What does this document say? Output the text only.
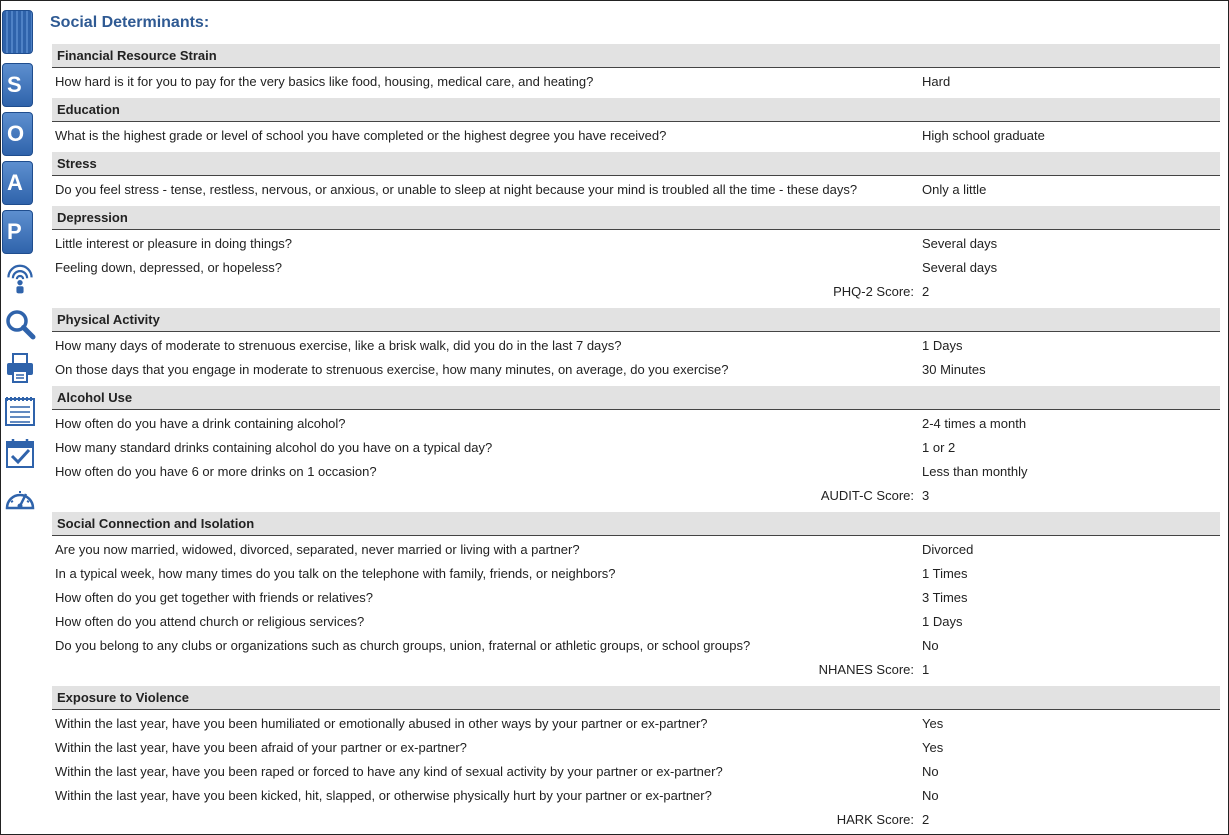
S
O
A
P
Social Determinants:
Financial Resource Strain
How hard is it for you to pay for the very basics like food, housing, medical care, and heating?	Hard
Education
What is the highest grade or level of school you have completed or the highest degree you have received?	High school graduate
Stress
Do you feel stress - tense, restless, nervous, or anxious, or unable to sleep at night because your mind is troubled all the time - these days?	Only a little
Depression
Little interest or pleasure in doing things?	Several days
Feeling down, depressed, or hopeless?	Several days
PHQ-2 Score: 2
Physical Activity
How many days of moderate to strenuous exercise, like a brisk walk, did you do in the last 7 days?	1 Days
On those days that you engage in moderate to strenuous exercise, how many minutes, on average, do you exercise?	30 Minutes
Alcohol Use
How often do you have a drink containing alcohol?	2-4 times a month
How many standard drinks containing alcohol do you have on a typical day?	1 or 2
How often do you have 6 or more drinks on 1 occasion?	Less than monthly
AUDIT-C Score: 3
Social Connection and Isolation
Are you now married, widowed, divorced, separated, never married or living with a partner?	Divorced
In a typical week, how many times do you talk on the telephone with family, friends, or neighbors?	1 Times
How often do you get together with friends or relatives?	3 Times
How often do you attend church or religious services?	1 Days
Do you belong to any clubs or organizations such as church groups, union, fraternal or athletic groups, or school groups?	No
NHANES Score: 1
Exposure to Violence
Within the last year, have you been humiliated or emotionally abused in other ways by your partner or ex-partner?	Yes
Within the last year, have you been afraid of your partner or ex-partner?	Yes
Within the last year, have you been raped or forced to have any kind of sexual activity by your partner or ex-partner?	No
Within the last year, have you been kicked, hit, slapped, or otherwise physically hurt by your partner or ex-partner?	No
HARK Score: 2
